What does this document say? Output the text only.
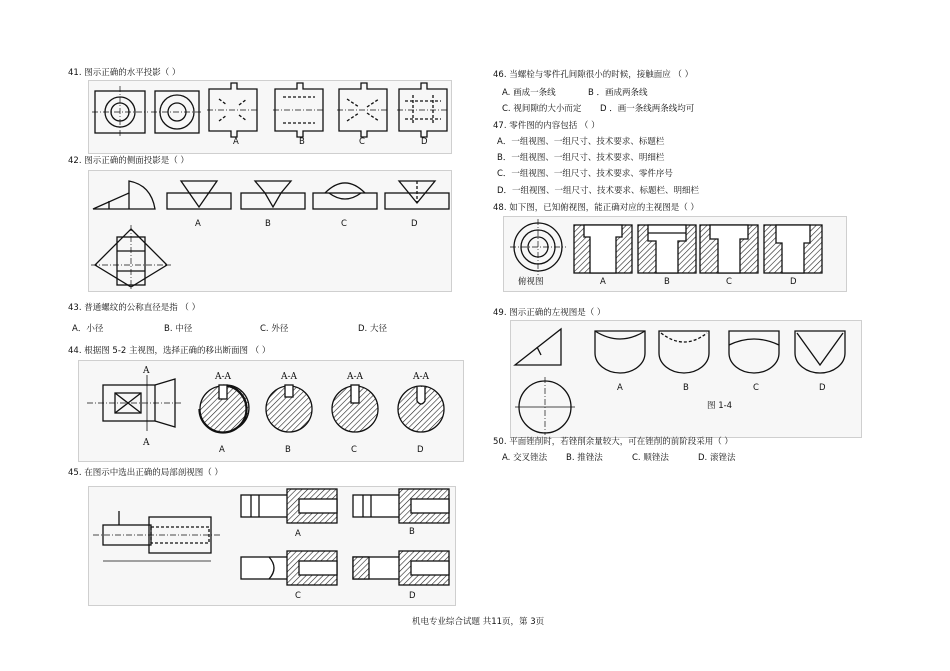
41. 图示正确的水平投影（ ）
A	B	C	D
42. 图示正确的侧面投影是（ ）
A	B	C	D
43. 普通螺纹的公称直径是指 （ ）
A．小径	B. 中径	C. 外径	D. 大径
44. 根据图 5-2 主视图，选择正确的移出断面图 （ ）
A
A
A-A	A-A	A-A	A-A
A	B	C	D
45. 在图示中选出正确的局部剖视图（ ）
A	B
C	D
46. 当螺栓与零件孔间隙很小的时候，接触面应 （ ）
A. 画成一条线	B ．画成两条线
C. 视间隙的大小而定 D ．画一条线两条线均可
47. 零件图的内容包括 （ ）
A．一组视图、一组尺寸、技术要求、标题栏
B．一组视图、一组尺寸、技术要求、明细栏
C．一组视图、一组尺寸、技术要求、零件序号
D．一组视图、一组尺寸、技术要求、标题栏、明细栏
48. 如下图，已知俯视图，能正确对应的主视图是（ ）
俯视图	A	B	C	D
49. 图示正确的左视图是（ ）
A	B	C	D
图 1-4
50. 平面锉削时，若锉削余量较大，可在锉削的前阶段采用（ ）
A. 交叉锉法 B. 推锉法	C. 顺锉法	D. 滚锉法
机电专业综合试题 共11页，第 3页
